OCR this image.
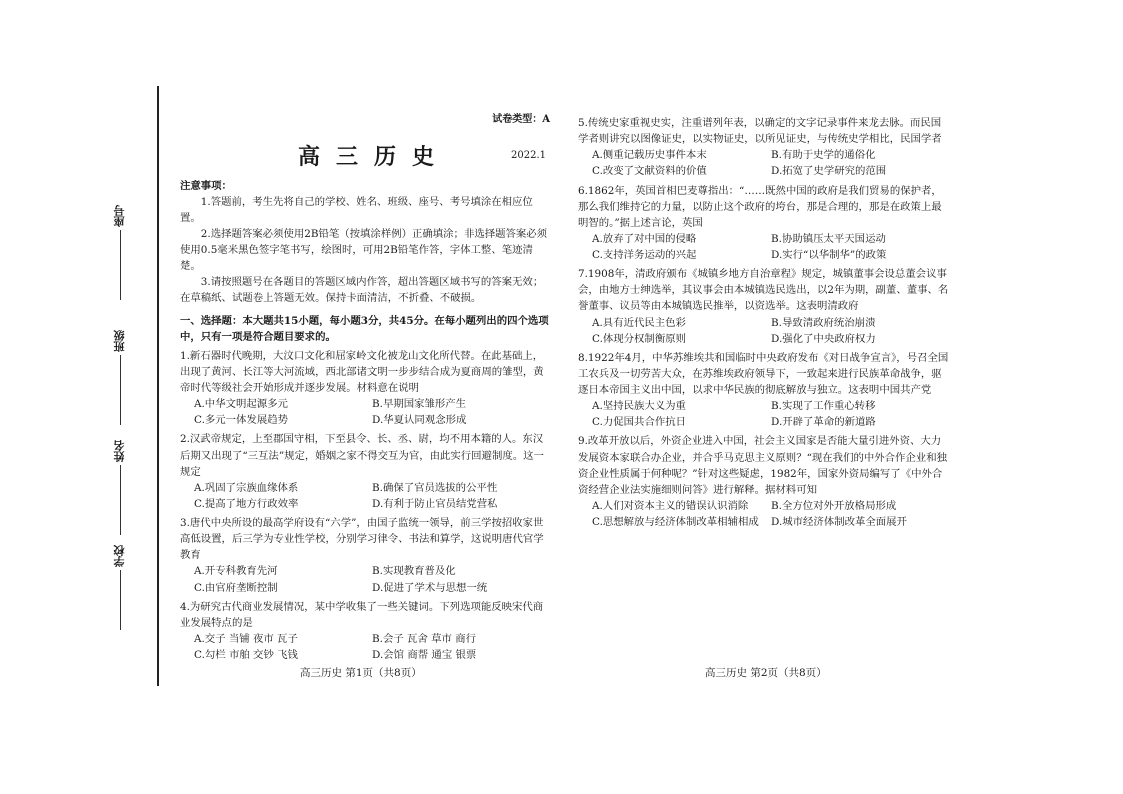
座号
班级
姓名
学校
试卷类型：A
高三历史	2022.1
注意事项：
1.答题前，考生先将自己的学校、姓名、班级、座号、考号填涂在相应位置。
2.选择题答案必须使用2B铅笔（按填涂样例）正确填涂；非选择题答案必须使用0.5毫米黑色签字笔书写，绘图时，可用2B铅笔作答，字体工整、笔迹清楚。
3.请按照题号在各题目的答题区域内作答，超出答题区域书写的答案无效；在草稿纸、试题卷上答题无效。保持卡面清洁，不折叠、不破损。
一、选择题：本大题共15小题，每小题3分，共45分。在每小题列出的四个选项中，只有一项是符合题目要求的。
1.新石器时代晚期，大汶口文化和屈家岭文化被龙山文化所代替。在此基础上，出现了黄河、长江等大河流域，西北部诸文明一步步结合成为夏商周的雏型，黄帝时代等级社会开始形成并逐步发展。材料意在说明
A.中华文明起源多元	B.早期国家雏形产生
C.多元一体发展趋势	D.华夏认同观念形成
2.汉武帝规定，上至郡国守相，下至县令、长、丞、尉，均不用本籍的人。东汉后期又出现了“三互法”规定，婚姻之家不得交互为官，由此实行回避制度。这一规定
A.巩固了宗族血缘体系	B.确保了官员选拔的公平性
C.提高了地方行政效率	D.有利于防止官员结党营私
3.唐代中央所设的最高学府设有“六学”，由国子监统一领导，前三学按招收家世高低设置，后三学为专业性学校，分别学习律令、书法和算学，这说明唐代官学教育
A.开专科教育先河	B.实现教育普及化
C.由官府垄断控制	D.促进了学术与思想一统
4.为研究古代商业发展情况，某中学收集了一些关键词。下列选项能反映宋代商业发展特点的是
A.交子 当铺 夜市 瓦子	B.会子 瓦舍 草市 商行
C.勾栏 市舶 交钞 飞钱	D.会馆 商帮 通宝 银票
5.传统史家重视史实，注重谱列年表，以确定的文字记录事件来龙去脉。而民国学者则讲究以图像证史，以实物证史，以所见证史，与传统史学相比，民国学者
A.侧重记载历史事件本末	B.有助于史学的通俗化
C.改变了文献资料的价值	D.拓宽了史学研究的范围
6.1862年，英国首相巴麦尊指出：“……既然中国的政府是我们贸易的保护者，那么我们维持它的力量，以防止这个政府的垮台，那是合理的，那是在政策上最明智的。”据上述言论，英国
A.放弃了对中国的侵略	B.协助镇压太平天国运动
C.支持洋务运动的兴起	D.实行“以华制华”的政策
7.1908年，清政府颁布《城镇乡地方自治章程》规定，城镇董事会设总董会议事会，由地方士绅选举，其议事会由本城镇选民选出，以2年为期，副董、董事、名誉董事、议员等由本城镇选民推举，以资选举。这表明清政府
A.具有近代民主色彩	B.导致清政府统治崩溃
C.体现分权制衡原则	D.强化了中央政府权力
8.1922年4月，中华苏维埃共和国临时中央政府发布《对日战争宣言》，号召全国工农兵及一切劳苦大众，在苏维埃政府领导下，一致起来进行民族革命战争，驱逐日本帝国主义出中国，以求中华民族的彻底解放与独立。这表明中国共产党
A.坚持民族大义为重	B.实现了工作重心转移
C.力促国共合作抗日	D.开辟了革命的新道路
9.改革开放以后，外资企业进入中国，社会主义国家是否能大量引进外资、大力发展资本家联合办企业，并合乎马克思主义原则？“现在我们的中外合作企业和独资企业性质属于何种呢？”针对这些疑虑，1982年，国家外资局编写了《中外合资经营企业法实施细则问答》进行解释。据材料可知
A.人们对资本主义的错误认识消除	B.全方位对外开放格局形成
C.思想解放与经济体制改革相辅相成	D.城市经济体制改革全面展开
高三历史 第1页（共8页）	高三历史 第2页（共8页）
